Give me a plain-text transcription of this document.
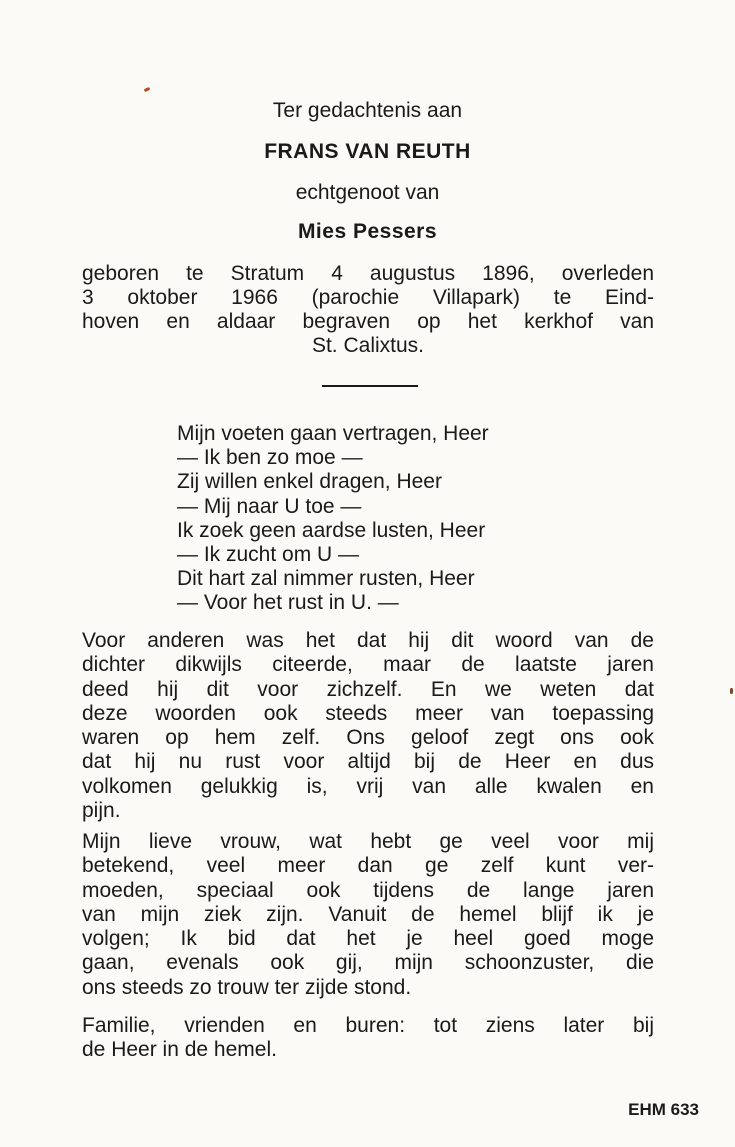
Ter gedachtenis aan
FRANS VAN REUTH
echtgenoot van
Mies Pessers
geboren te Stratum 4 augustus 1896, overleden
3 oktober 1966 (parochie Villapark) te Eind-
hoven en aldaar begraven op het kerkhof van
St. Calixtus.
Mijn voeten gaan vertragen, Heer
— Ik ben zo moe —
Zij willen enkel dragen, Heer
— Mij naar U toe —
Ik zoek geen aardse lusten, Heer
— Ik zucht om U —
Dit hart zal nimmer rusten, Heer
— Voor het rust in U. —
Voor anderen was het dat hij dit woord van de
dichter dikwijls citeerde, maar de laatste jaren
deed hij dit voor zichzelf. En we weten dat
deze woorden ook steeds meer van toepassing
waren op hem zelf. Ons geloof zegt ons ook
dat hij nu rust voor altijd bij de Heer en dus
volkomen gelukkig is, vrij van alle kwalen en
pijn.
Mijn lieve vrouw, wat hebt ge veel voor mij
betekend, veel meer dan ge zelf kunt ver-
moeden, speciaal ook tijdens de lange jaren
van mijn ziek zijn. Vanuit de hemel blijf ik je
volgen; Ik bid dat het je heel goed moge
gaan, evenals ook gij, mijn schoonzuster, die
ons steeds zo trouw ter zijde stond.
Familie, vrienden en buren: tot ziens later bij
de Heer in de hemel.
EHM 633
